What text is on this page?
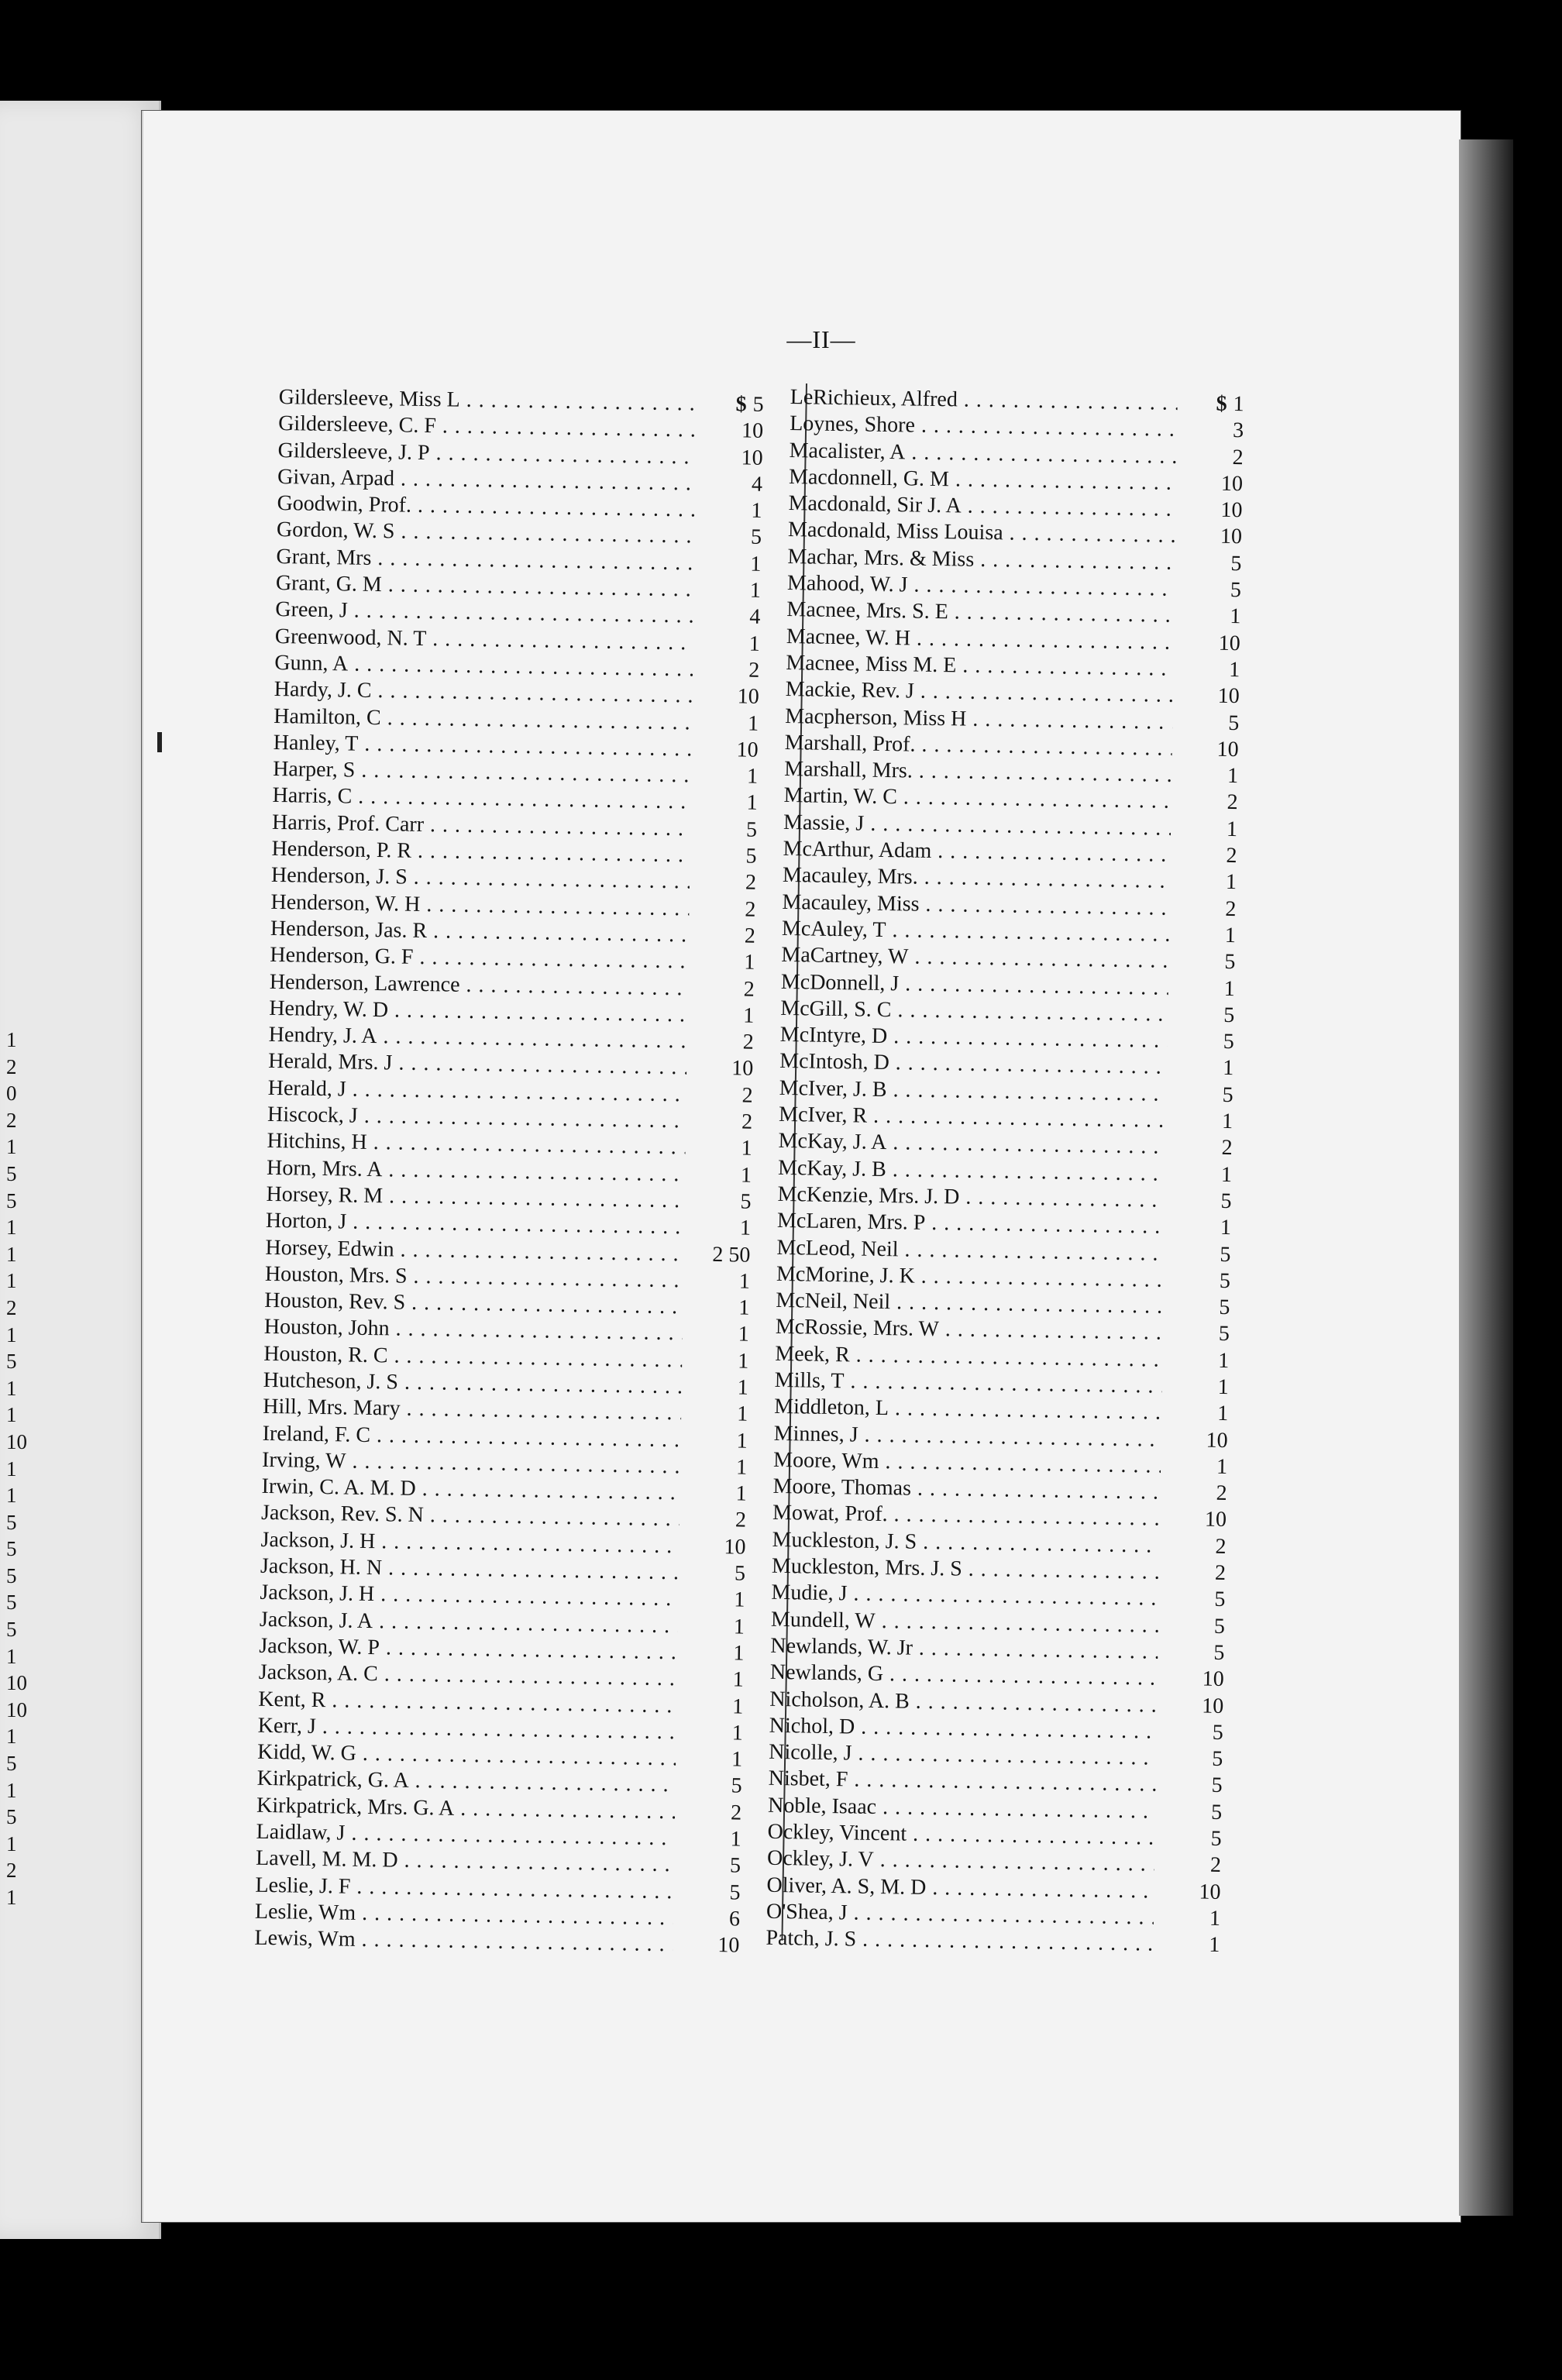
1
2
0
2
1
5
5
1
1
1
2
1
5
1
1
10
1
1
5
5
5
5
5
1
10
10
1
5
1
5
1
2
1
—II—
Gildersleeve, Miss L . . .	$ 5
Gildersleeve, C. F . . .	10
Gildersleeve, J. P . . .	10
Givan, Arpad . . .	4
Goodwin, Prof. . . .	1
Gordon, W. S . . .	5
Grant, Mrs . . .	1
Grant, G. M . . .	1
Green, J . . .	4
Greenwood, N. T . . .	1
Gunn, A . . .	2
Hardy, J. C . . .	10
Hamilton, C . . .	1
Hanley, T . . .	10
Harper, S . . .	1
Harris, C . . .	1
Harris, Prof. Carr . . .	5
Henderson, P. R . . .	5
Henderson, J. S . . .	2
Henderson, W. H . . .	2
Henderson, Jas. R . . .	2
Henderson, G. F . . .	1
Henderson, Lawrence . . .	2
Hendry, W. D . . .	1
Hendry, J. A . . .	2
Herald, Mrs. J . . .	10
Herald, J . . .	2
Hiscock, J . . .	2
Hitchins, H . . .	1
Horn, Mrs. A . . .	1
Horsey, R. M . . .	5
Horton, J . . .	1
Horsey, Edwin . . .	2 50
Houston, Mrs. S . . .	1
Houston, Rev. S . . .	1
Houston, John . . .	1
Houston, R. C . . .	1
Hutcheson, J. S . . .	1
Hill, Mrs. Mary . . .	1
Ireland, F. C . . .	1
Irving, W . . .	1
Irwin, C. A. M. D . . .	1
Jackson, Rev. S. N . . .	2
Jackson, J. H . . .	10
Jackson, H. N . . .	5
Jackson, J. H . . .	1
Jackson, J. A . . .	1
Jackson, W. P . . .	1
Jackson, A. C . . .	1
Kent, R . . .	1
Kerr, J . . .	1
Kidd, W. G . . .	1
Kirkpatrick, G. A . . .	5
Kirkpatrick, Mrs. G. A . . .	2
Laidlaw, J . . .	1
Lavell, M. M. D . . .	5
Leslie, J. F . . .	5
Leslie, Wm . . .	6
Lewis, Wm . . .	10
LeRichieux, Alfred . . .	$ 1
Loynes, Shore . . .	3
Macalister, A . . .	2
Macdonnell, G. M . . .	10
Macdonald, Sir J. A . . .	10
Macdonald, Miss Louisa . . .	10
Machar, Mrs. & Miss . . .	5
Mahood, W. J . . .	5
Macnee, Mrs. S. E . . .	1
Macnee, W. H . . .	10
Macnee, Miss M. E . . .	1
Mackie, Rev. J . . .	10
Macpherson, Miss H . . .	5
Marshall, Prof. . . .	10
Marshall, Mrs. . . .	1
Martin, W. C . . .	2
Massie, J . . .	1
McArthur, Adam . . .	2
Macauley, Mrs. . . .	1
Macauley, Miss . . .	2
McAuley, T . . .	1
MaCartney, W . . .	5
McDonnell, J . . .	1
McGill, S. C . . .	5
McIntyre, D . . .	5
McIntosh, D . . .	1
McIver, J. B . . .	5
McIver, R . . .	1
McKay, J. A . . .	2
McKay, J. B . . .	1
McKenzie, Mrs. J. D . . .	5
McLaren, Mrs. P . . .	1
McLeod, Neil . . .	5
McMorine, J. K . . .	5
McNeil, Neil . . .	5
McRossie, Mrs. W . . .	5
Meek, R . . .	1
Mills, T . . .	1
Middleton, L . . .	1
Minnes, J . . .	10
Moore, Wm . . .	1
Moore, Thomas . . .	2
Mowat, Prof. . . .	10
Muckleston, J. S . . .	2
Muckleston, Mrs. J. S . . .	2
Mudie, J . . .	5
Mundell, W . . .	5
Newlands, W. Jr . . .	5
Newlands, G . . .	10
Nicholson, A. B . . .	10
Nichol, D . . .	5
Nicolle, J . . .	5
Nisbet, F . . .	5
Noble, Isaac . . .	5
Ockley, Vincent . . .	5
Ockley, J. V . . .	2
Oliver, A. S, M. D . . .	10
O'Shea, J . . .	1
Patch, J. S . . .	1
